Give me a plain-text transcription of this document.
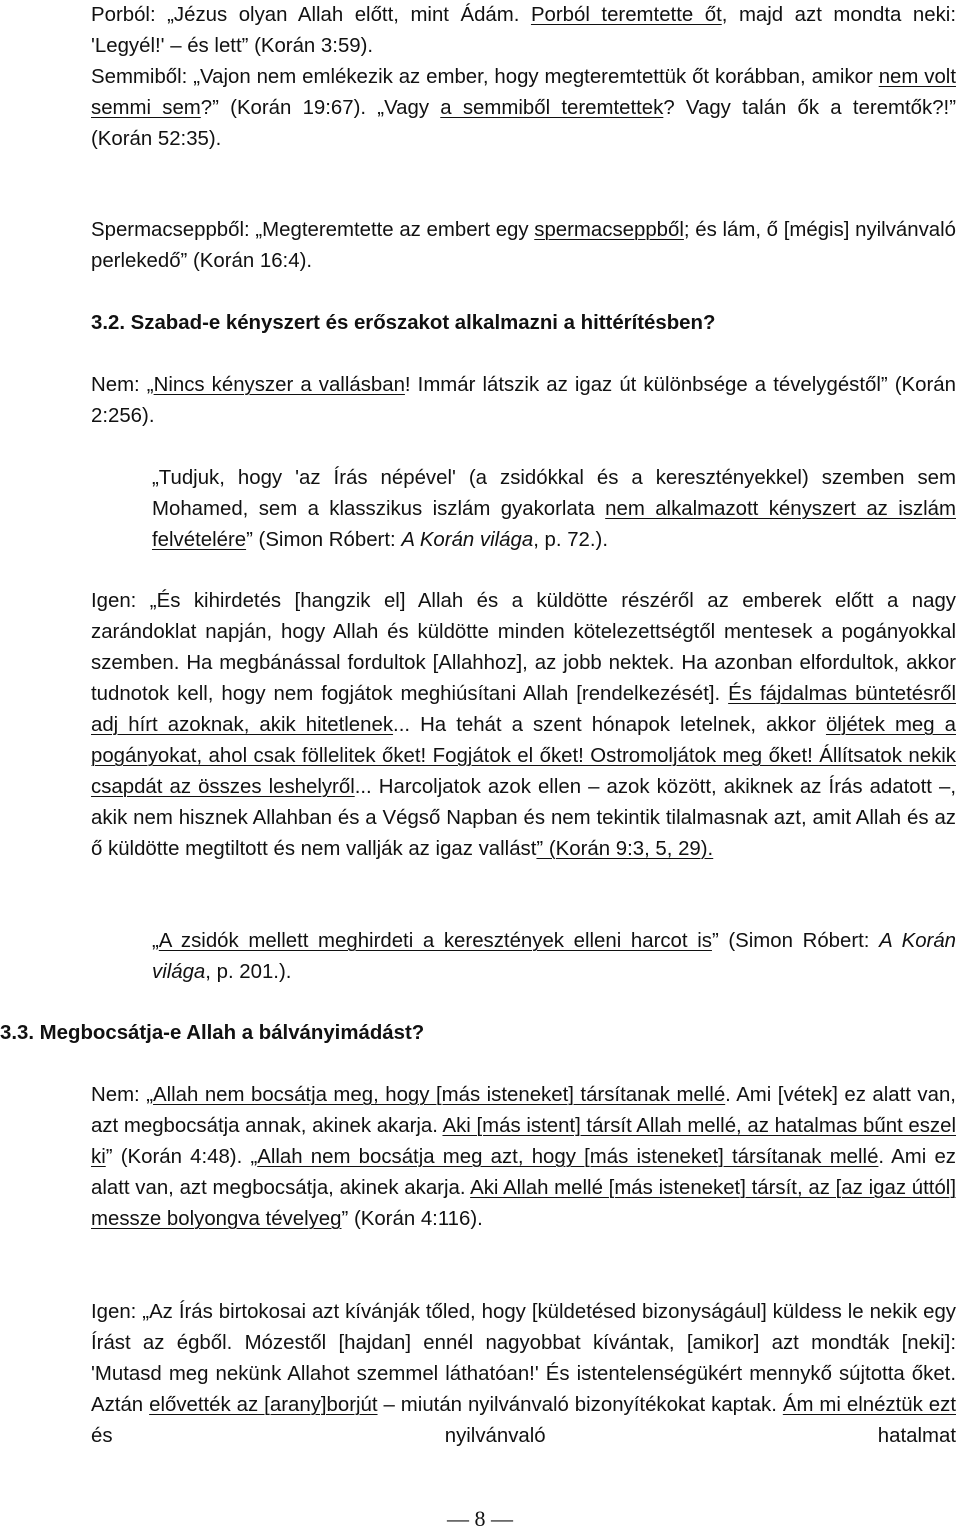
Porból: „Jézus olyan Allah előtt, mint Ádám. Porból teremtette őt, majd azt mondta neki: 'Legyél!' – és lett” (Korán 3:59).

Semmiből: „Vajon nem emlékezik az ember, hogy megteremtettük őt korábban, amikor nem volt semmi sem?” (Korán 19:67). „Vagy a semmiből teremtettek? Vagy talán ők a teremtők?!” (Korán 52:35).

Spermacseppből: „Megteremtette az embert egy spermacseppből; és lám, ő [mégis] nyilvánvaló perlekedő” (Korán 16:4).

3.2. Szabad-e kényszert és erőszakot alkalmazni a hittérítésben?

Nem: „Nincs kényszer a vallásban! Immár látszik az igaz út különbsége a tévelygéstől” (Korán 2:256).

„Tudjuk, hogy 'az Írás népével' (a zsidókkal és a keresztényekkel) szemben sem Mohamed, sem a klasszikus iszlám gyakorlata nem alkalmazott kényszert az iszlám felvételére” (Simon Róbert: A Korán világa, p. 72.).

Igen: „És kihirdetés [hangzik el] Allah és a küldötte részéről az emberek előtt a nagy zarándoklat napján, hogy Allah és küldötte minden kötelezettségtől mentesek a pogányokkal szemben. Ha megbánással fordultok [Allahhoz], az jobb nektek. Ha azonban elfordultok, akkor tudnotok kell, hogy nem fogjátok meghiúsítani Allah [rendelkezését]. És fájdalmas büntetésről adj hírt azoknak, akik hitetlenek... Ha tehát a szent hónapok letelnek, akkor öljétek meg a pogányokat, ahol csak föllelitek őket! Fogjátok el őket! Ostromoljátok meg őket! Állítsatok nekik csapdát az összes leshelyről... Harcoljatok azok ellen – azok között, akiknek az Írás adatott –, akik nem hisznek Allahban és a Végső Napban és nem tekintik tilalmasnak azt, amit Allah és az ő küldötte megtiltott és nem vallják az igaz vallást” (Korán 9:3, 5, 29).

„A zsidók mellett meghirdeti a keresztények elleni harcot is” (Simon Róbert: A Korán világa, p. 201.).

3.3. Megbocsátja-e Allah a bálványimádást?

Nem: „Allah nem bocsátja meg, hogy [más isteneket] társítanak mellé. Ami [vétek] ez alatt van, azt megbocsátja annak, akinek akarja. Aki [más istent] társít Allah mellé, az hatalmas bűnt eszel ki” (Korán 4:48). „Allah nem bocsátja meg azt, hogy [más isteneket] társítanak mellé. Ami ez alatt van, azt megbocsátja, akinek akarja. Aki Allah mellé [más isteneket] társít, az [az igaz úttól] messze bolyongva tévelyeg” (Korán 4:116).

Igen: „Az Írás birtokosai azt kívánják tőled, hogy [küldetésed bizonyságául] küldess le nekik egy Írást az égből. Mózestől [hajdan] ennél nagyobbat kívántak, [amikor] azt mondták [neki]: 'Mutasd meg nekünk Allahot szemmel láthatóan!' És istentelenségükért mennykő sújtotta őket. Aztán elővették az [arany]borjút – miután nyilvánvaló bizonyítékokat kaptak. Ám mi elnéztük ezt és nyilvánvaló hatalmat

— 8 —
